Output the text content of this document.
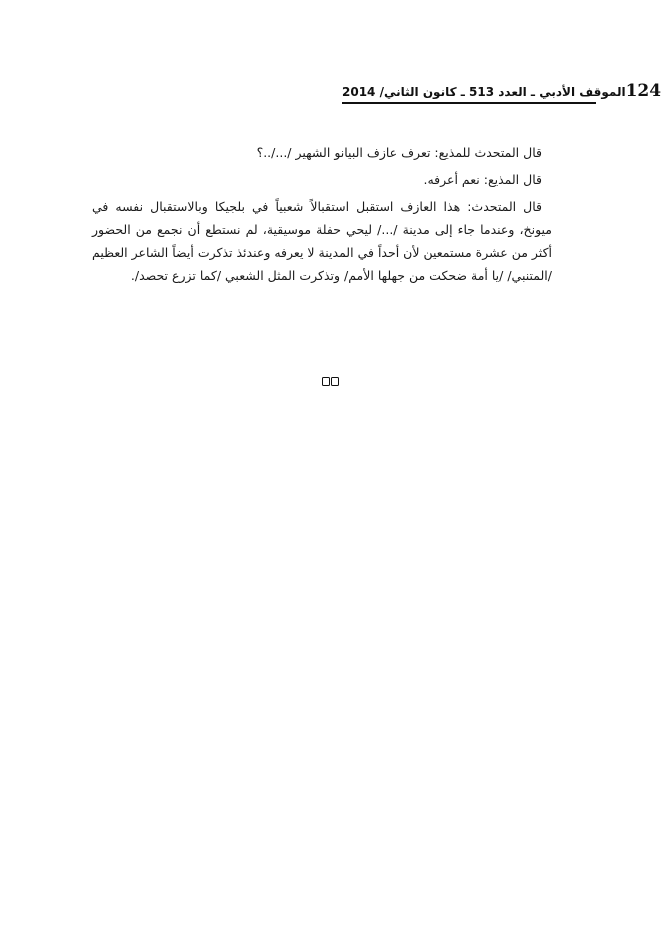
الموقف الأدبي ـ العدد 513 ـ كانون الثاني/ 2014 124

قال المتحدث للمذيع: تعرف عازف البيانو الشهير /.../..؟

قال المذيع: نعم أعرفه.

قال المتحدث: هذا العازف استقبل استقبالاً شعبياً في بلجيكا وبالاستقبال نفسه في ميونخ، وعندما جاء إلى مدينة /.../ ليحي حفلة موسيقية، لم نستطع أن نجمع من الحضور أكثر من عشرة مستمعين لأن أحداً في المدينة لا يعرفه وعندئذ تذكرت أيضاً الشاعر العظيم /المتنبي/ /يا أمة ضحكت من جهلها الأمم/ وتذكرت المثل الشعبي /كما تزرع تحصد/.
